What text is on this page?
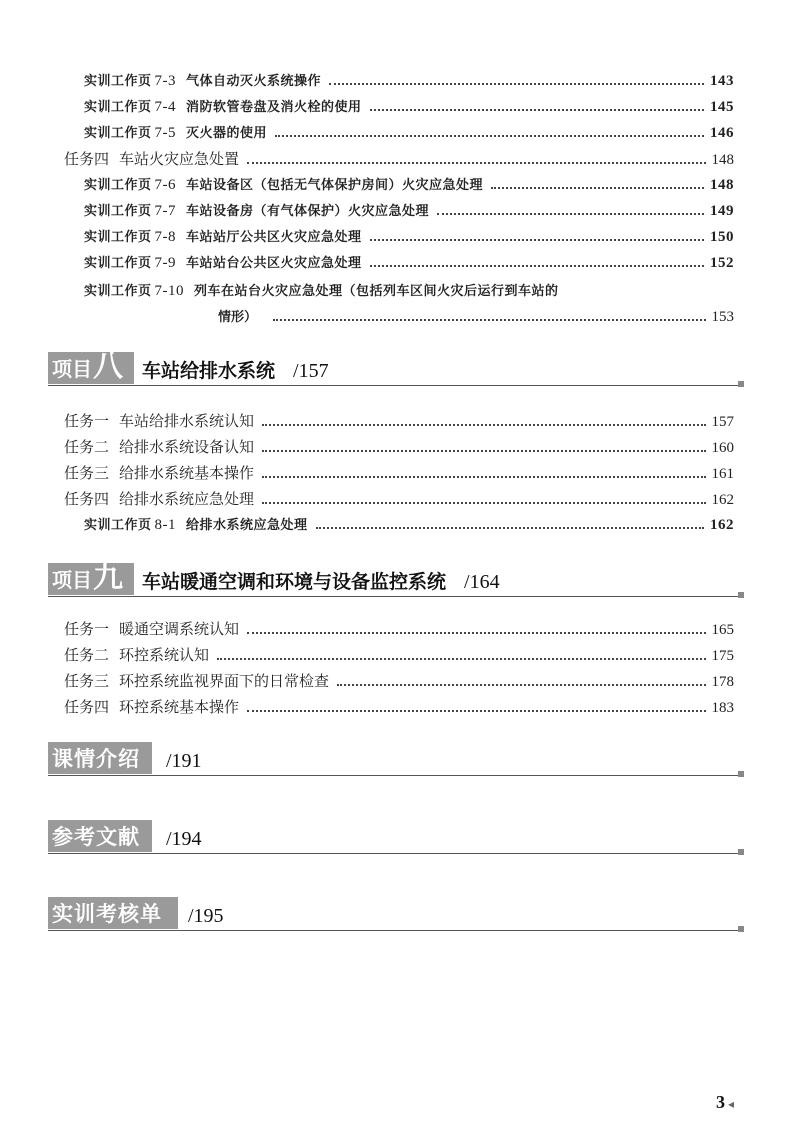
实训工作页 7-3 气体自动灭火系统操作	143
实训工作页 7-4 消防软管卷盘及消火栓的使用	145
实训工作页 7-5 灭火器的使用	146
任务四 车站火灾应急处置	148
实训工作页 7-6 车站设备区（包括无气体保护房间）火灾应急处理	148
实训工作页 7-7 车站设备房（有气体保护）火灾应急处理	149
实训工作页 7-8 车站站厅公共区火灾应急处理	150
实训工作页 7-9 车站站台公共区火灾应急处理	152
实训工作页 7-10 列车在站台火灾应急处理（包括列车区间火灾后运行到车站的
情形）	153
项目 八 车站给排水系统 /157
任务一 车站给排水系统认知	157
任务二 给排水系统设备认知	160
任务三 给排水系统基本操作	161
任务四 给排水系统应急处理	162
实训工作页 8-1 给排水系统应急处理	162
项目 九 车站暖通空调和环境与设备监控系统 /164
任务一 暖通空调系统认知	165
任务二 环控系统认知	175
任务三 环控系统监视界面下的日常检查	178
任务四 环控系统基本操作	183
课情介绍	/191
参考文献	/194
实训考核单	/195
3 ◂
